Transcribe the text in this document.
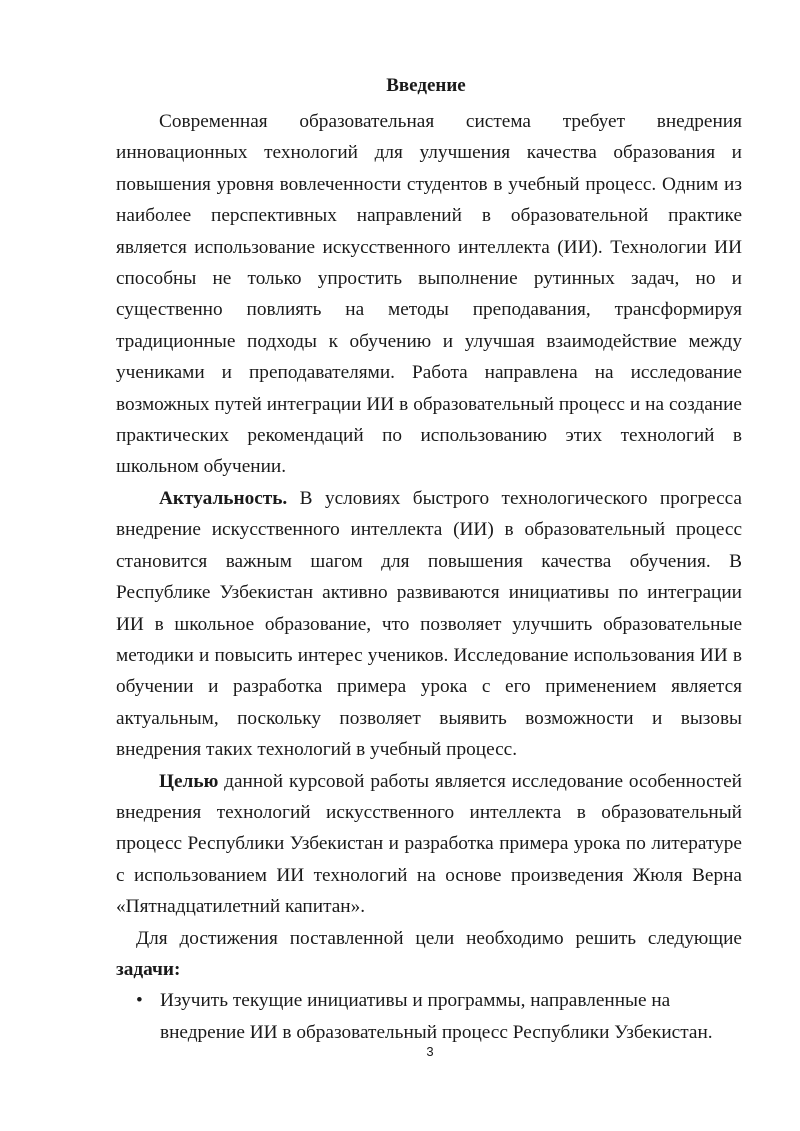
Введение

Современная образовательная система требует внедрения инновационных технологий для улучшения качества образования и повышения уровня вовлеченности студентов в учебный процесс. Одним из наиболее перспективных направлений в образовательной практике является использование искусственного интеллекта (ИИ). Технологии ИИ способны не только упростить выполнение рутинных задач, но и существенно повлиять на методы преподавания, трансформируя традиционные подходы к обучению и улучшая взаимодействие между учениками и преподавателями. Работа направлена на исследование возможных путей интеграции ИИ в образовательный процесс и на создание практических рекомендаций по использованию этих технологий в школьном обучении.

Актуальность. В условиях быстрого технологического прогресса внедрение искусственного интеллекта (ИИ) в образовательный процесс становится важным шагом для повышения качества обучения. В Республике Узбекистан активно развиваются инициативы по интеграции ИИ в школьное образование, что позволяет улучшить образовательные методики и повысить интерес учеников. Исследование использования ИИ в обучении и разработка примера урока с его применением является актуальным, поскольку позволяет выявить возможности и вызовы внедрения таких технологий в учебный процесс.

Целью данной курсовой работы является исследование особенностей внедрения технологий искусственного интеллекта в образовательный процесс Республики Узбекистан и разработка примера урока по литературе с использованием ИИ технологий на основе произведения Жюля Верна «Пятнадцатилетний капитан».

Для достижения поставленной цели необходимо решить следующие задачи:

• Изучить текущие инициативы и программы, направленные на внедрение ИИ в образовательный процесс Республики Узбекистан.
3
